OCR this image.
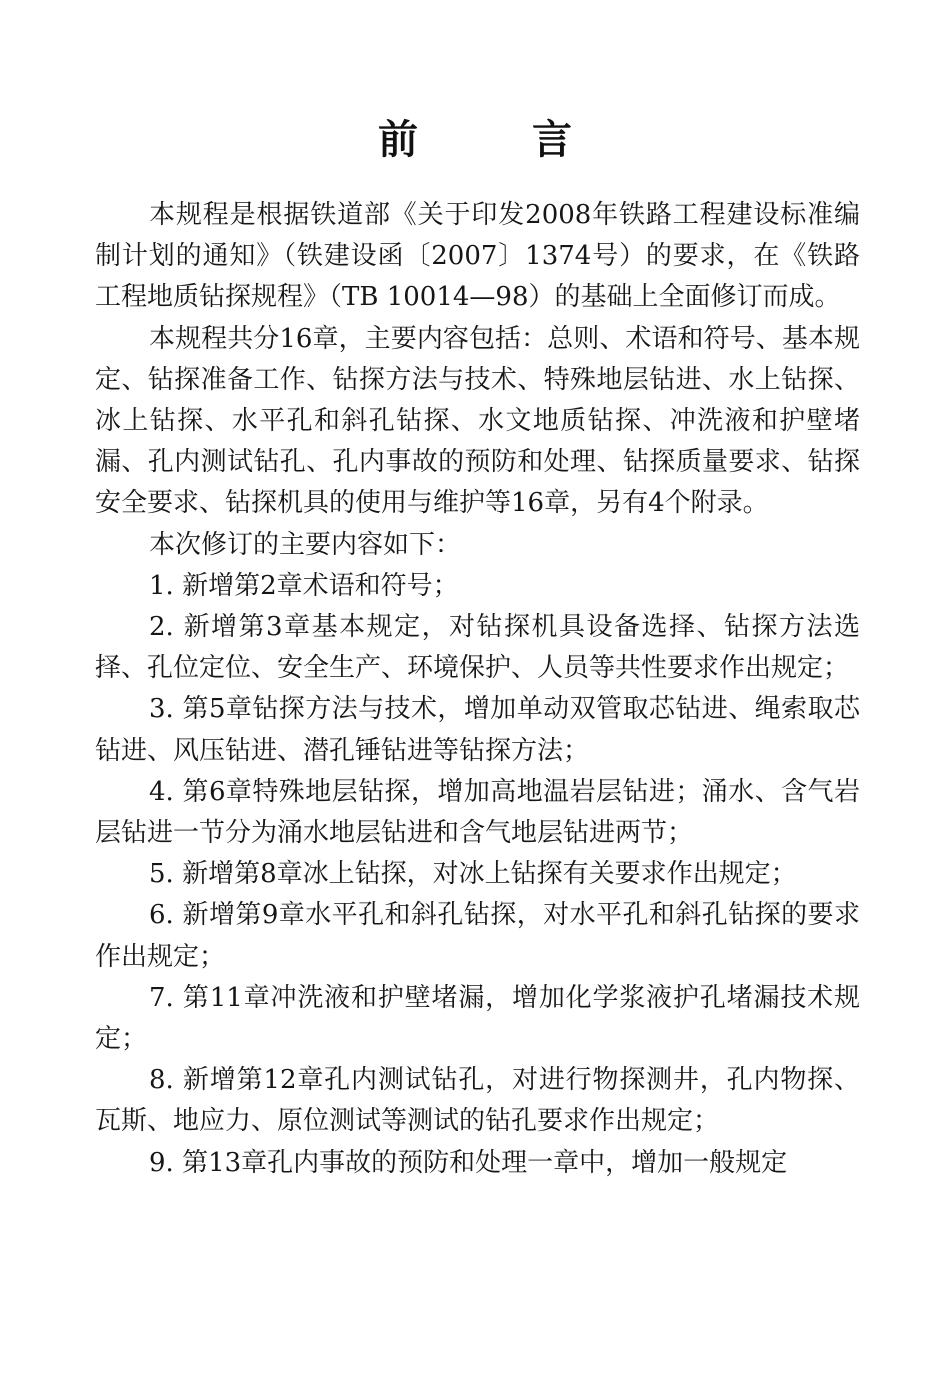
前 言

本规程是根据铁道部《关于印发2008年铁路工程建设标准编制计划的通知》（铁建设函〔2007〕1374号）的要求，在《铁路工程地质钻探规程》（TB 10014—98）的基础上全面修订而成。

本规程共分16章，主要内容包括：总则、术语和符号、基本规定、钻探准备工作、钻探方法与技术、特殊地层钻进、水上钻探、冰上钻探、水平孔和斜孔钻探、水文地质钻探、冲洗液和护壁堵漏、孔内测试钻孔、孔内事故的预防和处理、钻探质量要求、钻探安全要求、钻探机具的使用与维护等16章，另有4个附录。

本次修订的主要内容如下：

1. 新增第2章术语和符号；

2. 新增第3章基本规定，对钻探机具设备选择、钻探方法选择、孔位定位、安全生产、环境保护、人员等共性要求作出规定；

3. 第5章钻探方法与技术，增加单动双管取芯钻进、绳索取芯钻进、风压钻进、潜孔锤钻进等钻探方法；

4. 第6章特殊地层钻探，增加高地温岩层钻进；涌水、含气岩层钻进一节分为涌水地层钻进和含气地层钻进两节；

5. 新增第8章冰上钻探，对冰上钻探有关要求作出规定；

6. 新增第9章水平孔和斜孔钻探，对水平孔和斜孔钻探的要求作出规定；

7. 第11章冲洗液和护壁堵漏，增加化学浆液护孔堵漏技术规定；

8. 新增第12章孔内测试钻孔，对进行物探测井，孔内物探、瓦斯、地应力、原位测试等测试的钻孔要求作出规定；

9. 第13章孔内事故的预防和处理一章中，增加一般规定
